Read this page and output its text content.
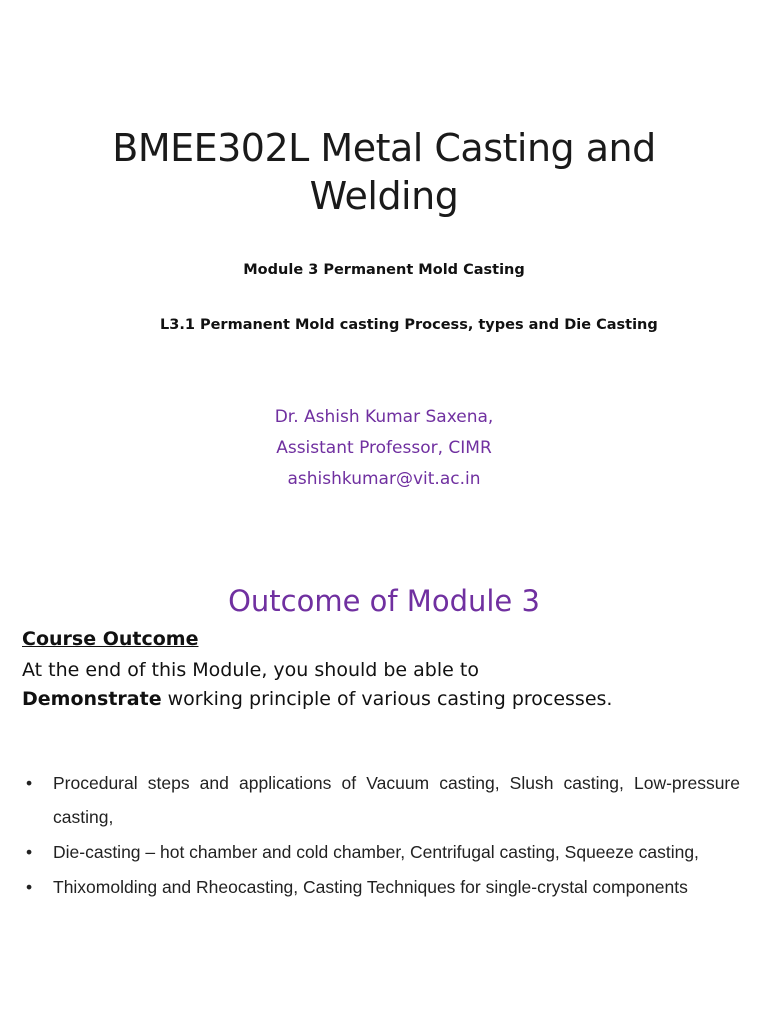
BMEE302L Metal Casting and
Welding
Module 3 Permanent Mold Casting
L3.1 Permanent Mold casting Process, types and Die Casting
Dr. Ashish Kumar Saxena,
Assistant Professor, CIMR
ashishkumar@vit.ac.in
Outcome of Module 3
Course Outcome
At the end of this Module, you should be able to
Demonstrate working principle of various casting processes.
• Procedural steps and applications of Vacuum casting, Slush casting, Low-pressure casting,
• Die-casting – hot chamber and cold chamber, Centrifugal casting, Squeeze casting,
• Thixomolding and Rheocasting, Casting Techniques for single-crystal components
